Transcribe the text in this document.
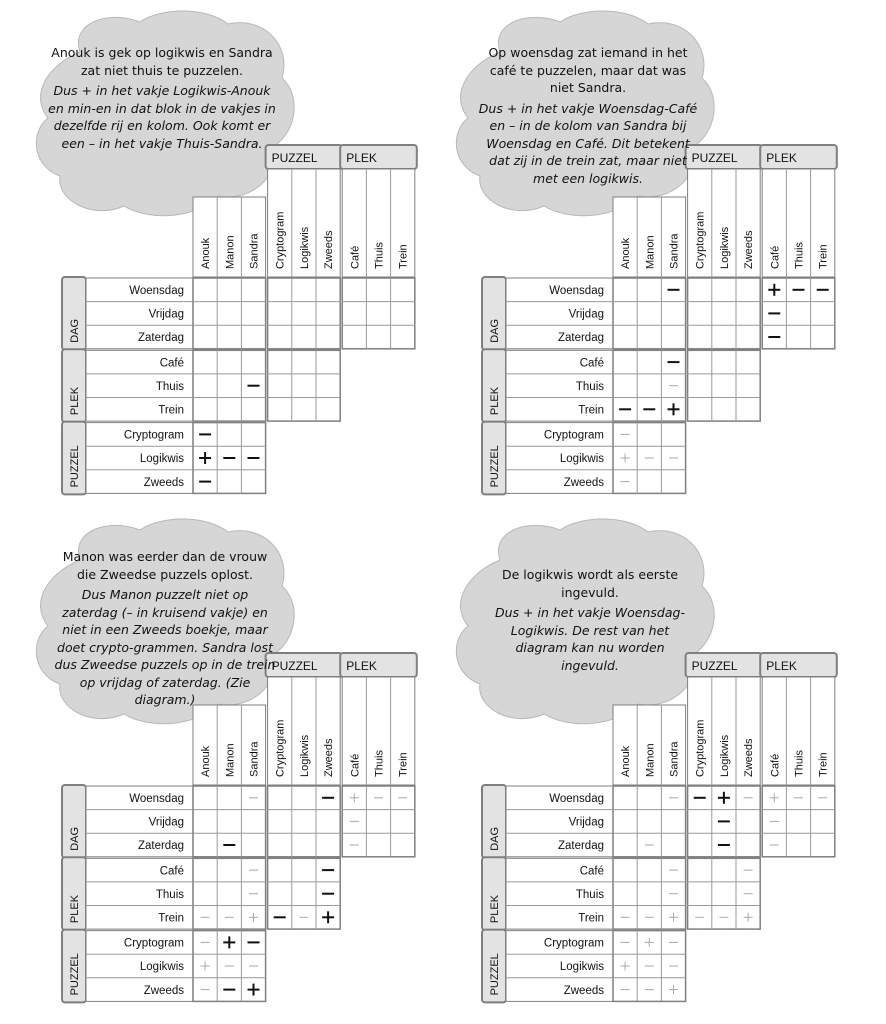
PUZZEL PLEK
Anouk Manon Sandra Cryptogram Logikwis Zweeds Café Thuis Trein
DAG
Woensdag
Vrijdag
Zaterdag
PLEK
Café
Thuis
Trein
PUZZEL
Cryptogram
Logikwis
Zweeds

Anouk is gek op logikwis en Sandra zat niet thuis te puzzelen.

Dus + in het vakje Logikwis-Anouk en min-en in dat blok in de vakjes in dezelfde rij en kolom. Ook komt er een – in het vakje Thuis-Sandra.

PUZZEL PLEK
Anouk Manon Sandra Cryptogram Logikwis Zweeds Café Thuis Trein
DAG
Woensdag
Vrijdag
Zaterdag
PLEK
Café
Thuis
Trein
PUZZEL
Cryptogram
Logikwis
Zweeds

Op woensdag zat iemand in het café te puzzelen, maar dat was niet Sandra.

Dus + in het vakje Woensdag-Café en – in de kolom van Sandra bij Woensdag en Café. Dit betekent dat zij in de trein zat, maar niet met een logikwis.

PUZZEL PLEK
Anouk Manon Sandra Cryptogram Logikwis Zweeds Café Thuis Trein
DAG
Woensdag
Vrijdag
Zaterdag
PLEK
Café
Thuis
Trein
PUZZEL
Cryptogram
Logikwis
Zweeds

Manon was eerder dan de vrouw die Zweedse puzzels oplost.

Dus Manon puzzelt niet op zaterdag (– in kruisend vakje) en niet in een Zweeds boekje, maar doet crypto-grammen. Sandra lost dus Zweedse puzzels op in de trein op vrijdag of zaterdag. (Zie diagram.)

PUZZEL PLEK
Anouk Manon Sandra Cryptogram Logikwis Zweeds Café Thuis Trein
DAG
Woensdag
Vrijdag
Zaterdag
PLEK
Café
Thuis
Trein
PUZZEL
Cryptogram
Logikwis
Zweeds

De logikwis wordt als eerste ingevuld.

Dus + in het vakje Woensdag-Logikwis. De rest van het diagram kan nu worden ingevuld.
